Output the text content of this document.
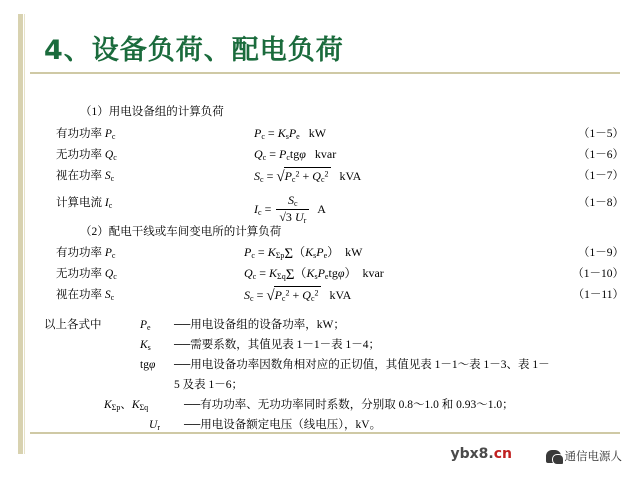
4、设备负荷、配电负荷
（1）用电设备组的计算负荷
有功功率 $P_c$	$P_c = K_sP_e$   kW	（1－5）
无功功率 $Q_c$	$Q_c = P_ctg\varphi$   kvar	（1－6）
视在功率 $S_c$	$S_c = √P_c^2 + Q_c^2$   kVA	（1－7）
计算电流 $I_c$	$I_c = \frac{S_c}{√3 U_r}$ A	（1－8）
（2）配电干线或车间变电所的计算负荷
有功功率 $P_c$	$P_c = K_{\Sigma p}\Sigma(K_sP_e)$  kW	（1－9）
无功功率 $Q_c$	$Q_c = K_{\Sigma q}\Sigma(K_sP_etg\varphi)$  kvar	（1－10）
视在功率 $S_c$	$S_c = √P_c^2 + Q_c^2$   kVA	（1－11）
以上各式中	$P_e$ ──用电设备组的设备功率，kW；
$K_s$ ──需要系数，其值见表 1－1－表 1－4；
tgφ ──用电设备功率因数角相对应的正切值，其值见表 1－1～表 1－3、表 1－
5 及表 1－6；
$K_{\Sigma p}$、$K_{\Sigma q}$	──有功功率、无功功率同时系数，分别取 0.8～1.0 和 0.93～1.0；
$U_r$ ──用电设备额定电压（线电压），kV。
ybx8.cn	通信电源人
